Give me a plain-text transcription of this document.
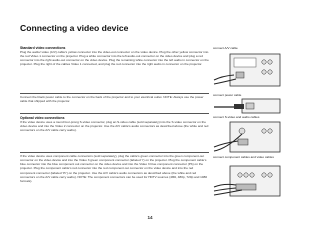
Connecting a video device
Standard video connections
Plug the audio/ video (A/V) cable's yellow connector into the video-out connector on the video device. Plug the other yellow connector into the red Video 1 connector on the projector. Plug a white connector into the left audio-out connector on the video device and plug a red connector into the right audio-out connector on the video device. Plug the remaining white connector into the left audio in connector on the projector. Plug the right of the cables Video 1 connected, and plug the red connector into the right audio in connector on the projector.
Connect the black power cable to the connector on the back of the projector and to your electrical outlet. NOTE: Always use the power cable that shipped with the projector.
Optional video connections
If the video device uses a round four-prong S-video connector, plug an S-video cable (sold separately) into the S-video connector on the video device and into the Video 2 connector on the projector. Use the A/V cable's audio connectors as described above (the white and red connectors on the A/V cable carry audio).
If the video device uses component cable connectors (sold separately), plug the cable's green connector into the green component-out connector on the video device and into the Video 3 green component connector (labeled Y) on the projector. Plug the component cable's blue connector into the blue component out connector on the video device and into the Video 3 blue component connector (Pb) on the projector. Plug the component cable's red connector into the red component out connector on the video device and into the red component connector (labeled 'Pr') on the projector. Use the A/V cable's audio connectors as described above (the white and red connectors on the A/V cable carry audio). NOTE: The component connectors can be used for HDTV sources (480i, 480p, 720p and 1080 formats).
connect A/V cable
connect power cable
connect S-video and audio cables
connect component cables and video cables
14
